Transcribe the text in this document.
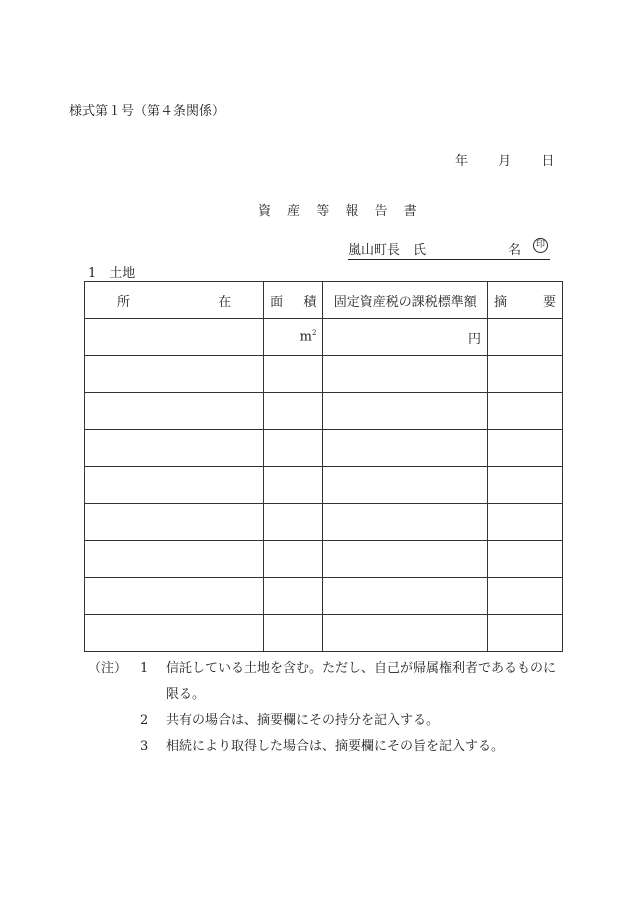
様式第１号（第４条関係）
年 月 日
資 産 等 報 告 書
嵐山町長　氏	名	印
1　土地
所 在	面 積	固定資産税の課税標準額	摘 要

	$m^2$	円	

（注） 1	信託している土地を含む。ただし、自己が帰属権利者であるものに
限る。
2	共有の場合は、摘要欄にその持分を記入する。
3	相続により取得した場合は、摘要欄にその旨を記入する。
